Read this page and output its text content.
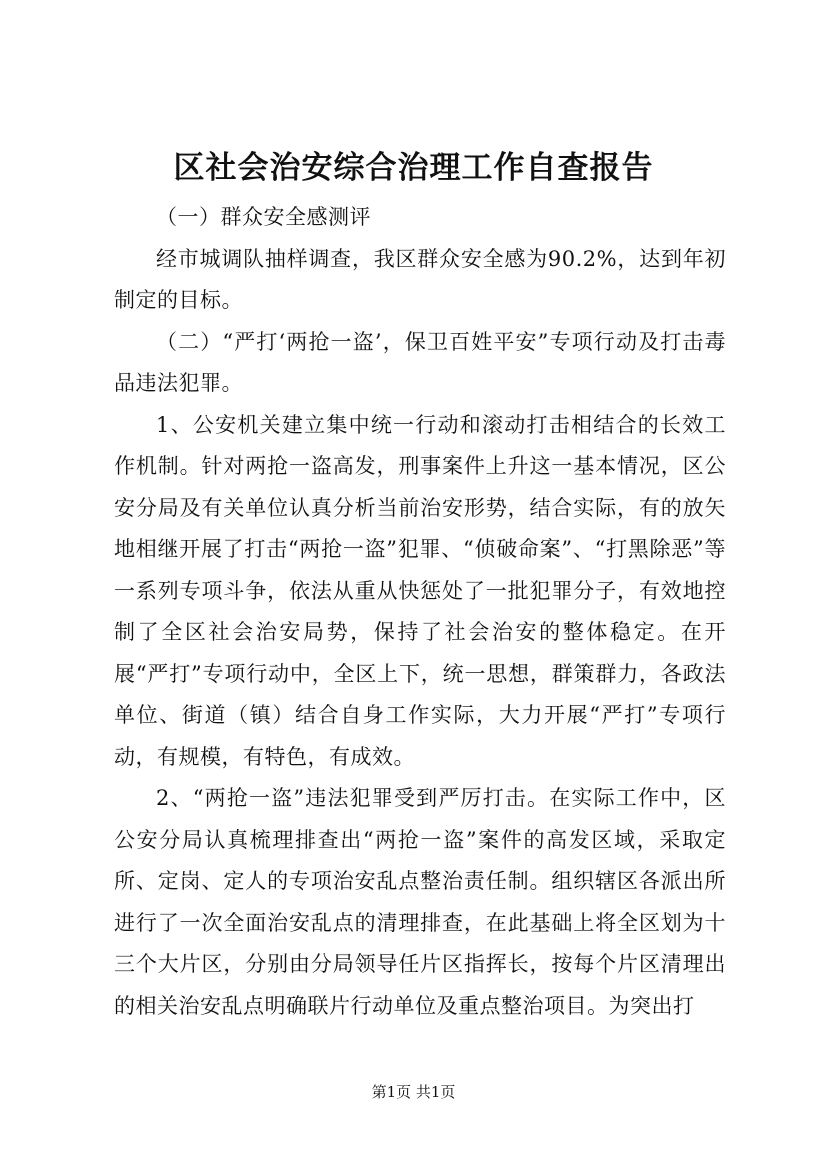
区社会治安综合治理工作自查报告

（一）群众安全感测评

经市城调队抽样调查，我区群众安全感为90.2%，达到年初制定的目标。

（二）“严打‘两抢一盗’，保卫百姓平安”专项行动及打击毒品违法犯罪。

1、公安机关建立集中统一行动和滚动打击相结合的长效工作机制。针对两抢一盗高发，刑事案件上升这一基本情况，区公安分局及有关单位认真分析当前治安形势，结合实际，有的放矢地相继开展了打击“两抢一盗”犯罪、“侦破命案”、“打黑除恶”等一系列专项斗争，依法从重从快惩处了一批犯罪分子，有效地控制了全区社会治安局势，保持了社会治安的整体稳定。在开展“严打”专项行动中，全区上下，统一思想，群策群力，各政法单位、街道（镇）结合自身工作实际，大力开展“严打”专项行动，有规模，有特色，有成效。

2、“两抢一盗”违法犯罪受到严厉打击。在实际工作中，区公安分局认真梳理排查出“两抢一盗”案件的高发区域，采取定所、定岗、定人的专项治安乱点整治责任制。组织辖区各派出所进行了一次全面治安乱点的清理排查，在此基础上将全区划为十三个大片区，分别由分局领导任片区指挥长，按每个片区清理出的相关治安乱点明确联片行动单位及重点整治项目。为突出打

第1页 共1页
